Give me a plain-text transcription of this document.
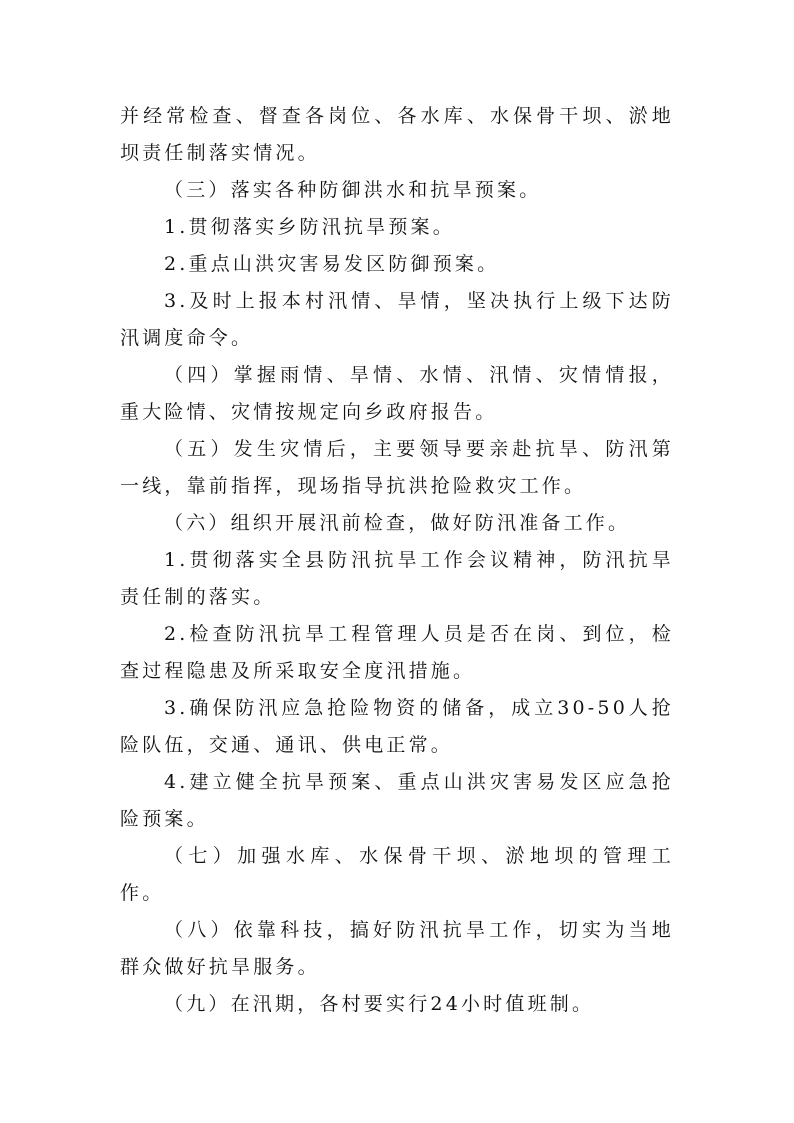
并经常检查、督查各岗位、各水库、水保骨干坝、淤地坝责任制落实情况。

（三）落实各种防御洪水和抗旱预案。

1.贯彻落实乡防汛抗旱预案。

2.重点山洪灾害易发区防御预案。

3.及时上报本村汛情、旱情，坚决执行上级下达防汛调度命令。

（四）掌握雨情、旱情、水情、汛情、灾情情报，重大险情、灾情按规定向乡政府报告。

（五）发生灾情后，主要领导要亲赴抗旱、防汛第一线，靠前指挥，现场指导抗洪抢险救灾工作。

（六）组织开展汛前检查，做好防汛准备工作。

1.贯彻落实全县防汛抗旱工作会议精神，防汛抗旱责任制的落实。

2.检查防汛抗旱工程管理人员是否在岗、到位，检查过程隐患及所采取安全度汛措施。

3.确保防汛应急抢险物资的储备，成立30-50人抢险队伍，交通、通讯、供电正常。

4.建立健全抗旱预案、重点山洪灾害易发区应急抢险预案。

（七）加强水库、水保骨干坝、淤地坝的管理工作。

（八）依靠科技，搞好防汛抗旱工作，切实为当地群众做好抗旱服务。

（九）在汛期，各村要实行24小时值班制。
